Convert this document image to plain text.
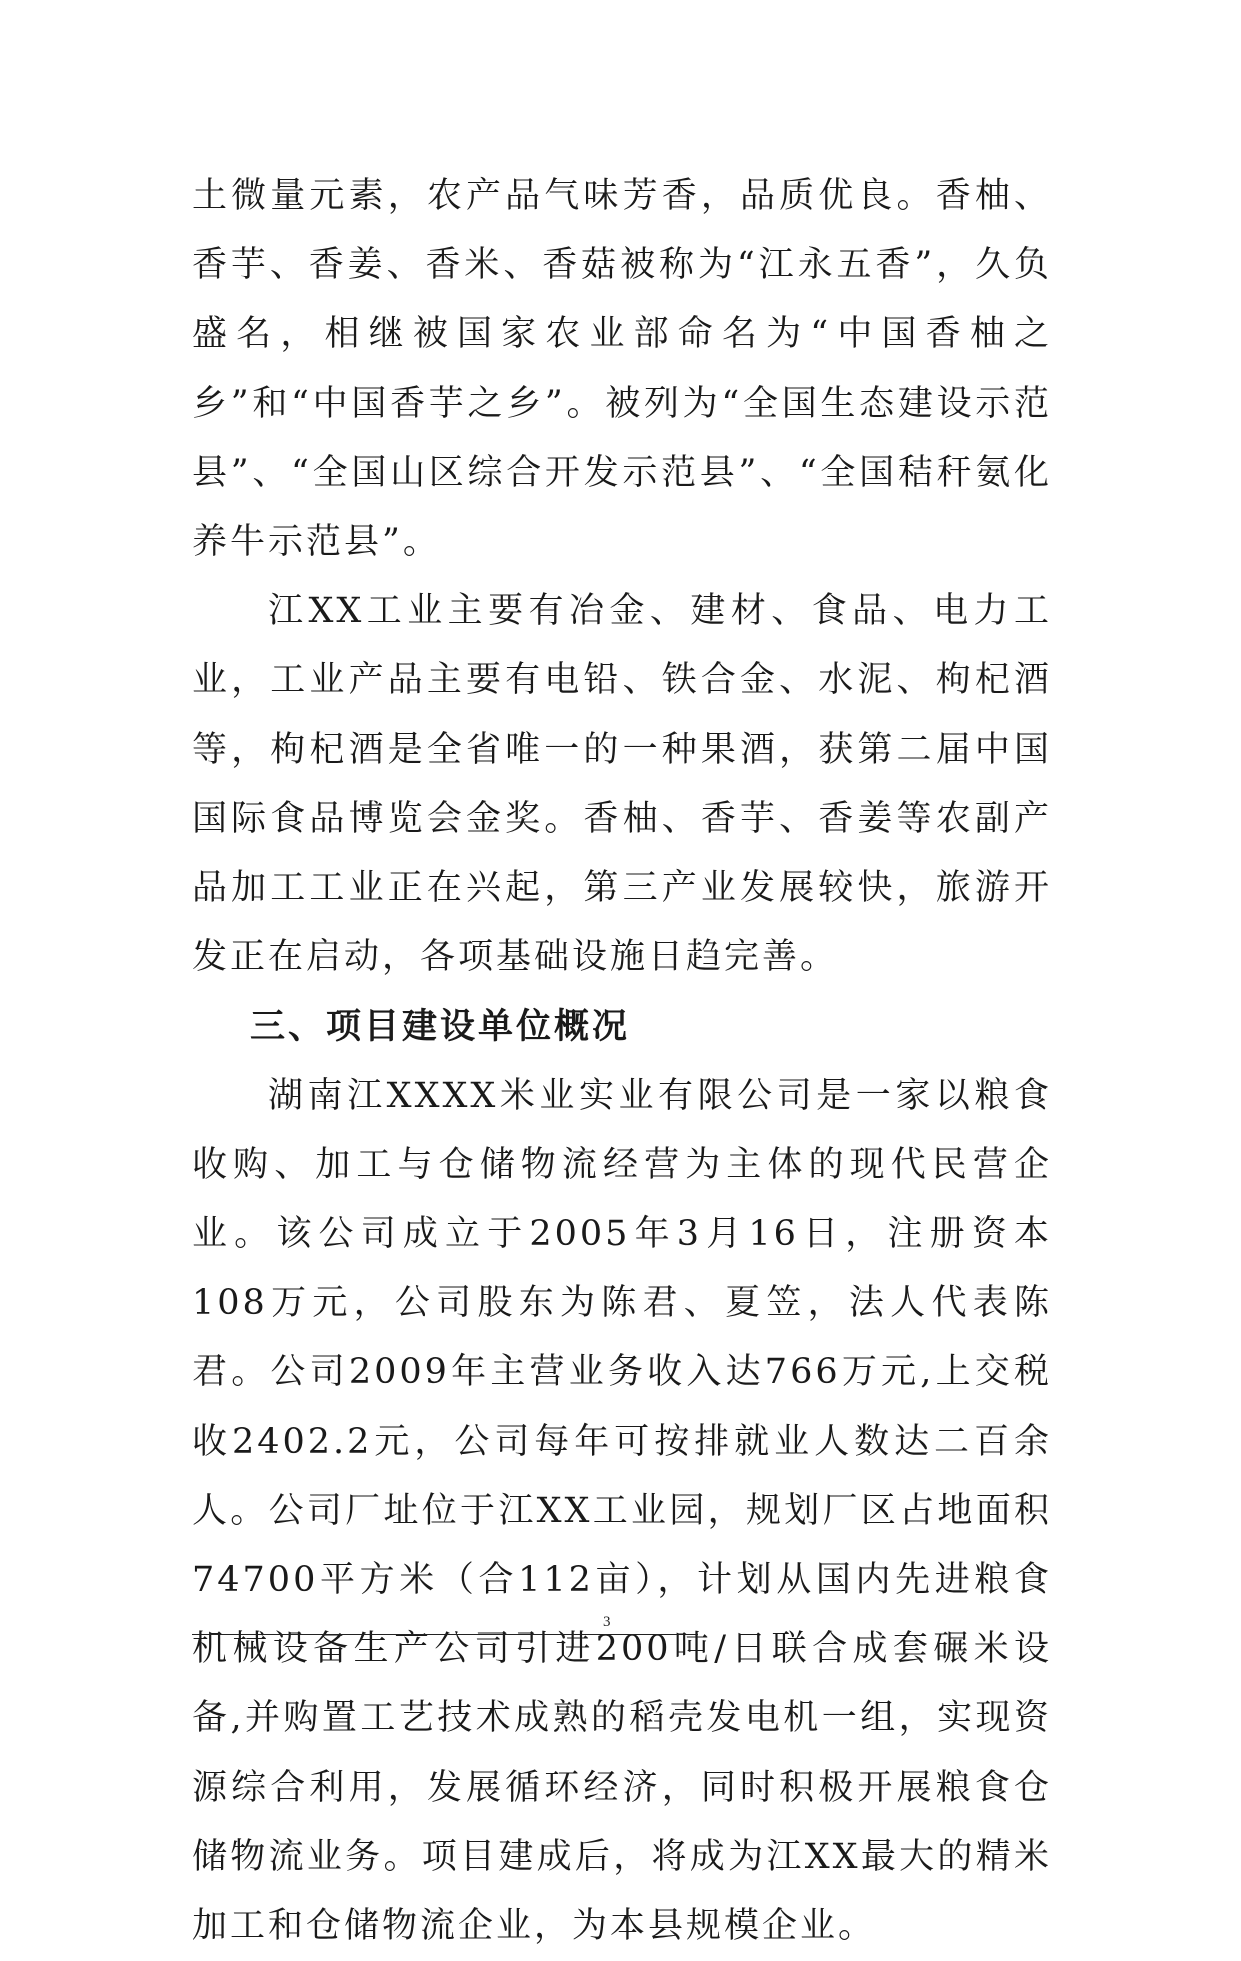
土微量元素，农产品气味芳香，品质优良。香柚、香芋、香姜、香米、香菇被称为“江永五香”，久负盛名，相继被国家农业部命名为“中国香柚之乡”和“中国香芋之乡”。被列为“全国生态建设示范县”、“全国山区综合开发示范县”、“全国秸秆氨化养牛示范县”。

江XX工业主要有冶金、建材、食品、电力工业，工业产品主要有电铅、铁合金、水泥、枸杞酒等，枸杞酒是全省唯一的一种果酒，获第二届中国国际食品博览会金奖。香柚、香芋、香姜等农副产品加工工业正在兴起，第三产业发展较快，旅游开发正在启动，各项基础设施日趋完善。

三、项目建设单位概况

湖南江XXXX米业实业有限公司是一家以粮食收购、加工与仓储物流经营为主体的现代民营企业。该公司成立于2005年3月16日，注册资本108万元，公司股东为陈君、夏笠，法人代表陈君。公司2009年主营业务收入达766万元,上交税收2402.2元，公司每年可按排就业人数达二百余人。公司厂址位于江XX工业园，规划厂区占地面积74700平方米（合112亩），计划从国内先进粮食机械设备生产公司引进200吨/日联合成套碾米设备,并购置工艺技术成熟的稻壳发电机一组，实现资源综合利用，发展循环经济，同时积极开展粮食仓储物流业务。项目建成后，将成为江XX最大的精米加工和仓储物流企业，为本县规模企业。

3
